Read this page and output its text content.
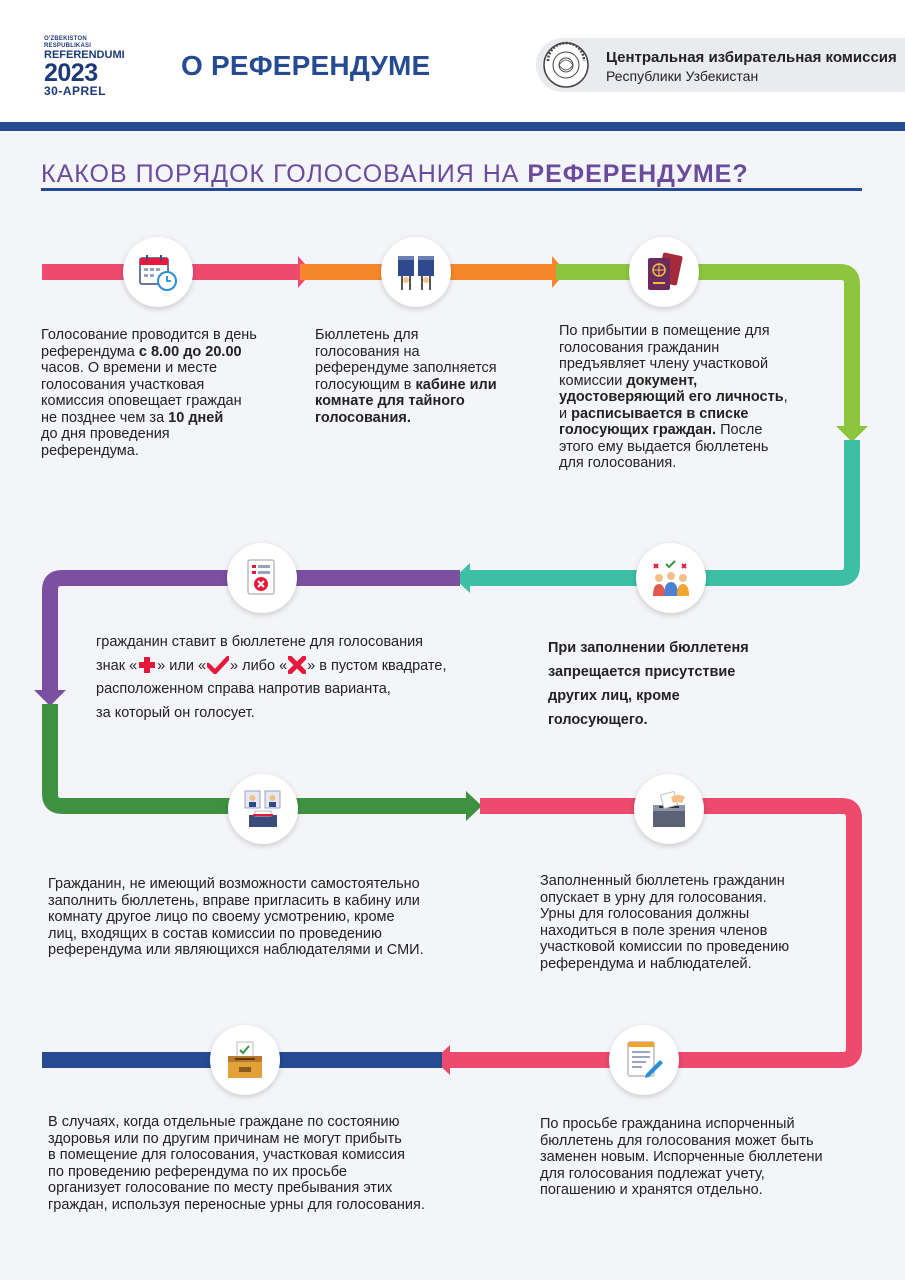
O'ZBEKISTON RESPUBLIKASI
REFERENDUMI
2023
30-APREL
О РЕФЕРЕНДУМЕ	Центральная избирательная комиссия
Республики Узбекистан
КАКОВ ПОРЯДОК ГОЛОСОВАНИЯ НА РЕФЕРЕНДУМЕ?
Голосование проводится в день
референдума с 8.00 до 20.00
часов. О времени и месте
голосования участковая
комиссия оповещает граждан
не позднее чем за 10 дней
до дня проведения
референдума.
Бюллетень для
голосования на
референдуме заполняется
голосующим в кабине или
комнате для тайного
голосования.
По прибытии в помещение для
голосования гражданин
предъявляет члену участковой
комиссии документ,
удостоверяющий его личность,
и расписывается в списке
голосующих граждан. После
этого ему выдается бюллетень
для голосования.
При заполнении бюллетеня
запрещается присутствие
других лиц, кроме
голосующего.
гражданин ставит в бюллетене для голосования
знак « » или « » либо « » в пустом квадрате,
расположенном справа напротив варианта,
за который он голосует.
Гражданин, не имеющий возможности самостоятельно
заполнить бюллетень, вправе пригласить в кабину или
комнату другое лицо по своему усмотрению, кроме
лиц, входящих в состав комиссии по проведению
референдума или являющихся наблюдателями и СМИ.
Заполненный бюллетень гражданин
опускает в урну для голосования.
Урны для голосования должны
находиться в поле зрения членов
участковой комиссии по проведению
референдума и наблюдателей.
По просьбе гражданина испорченный
бюллетень для голосования может быть
заменен новым. Испорченные бюллетени
для голосования подлежат учету,
погашению и хранятся отдельно.
В случаях, когда отдельные граждане по состоянию
здоровья или по другим причинам не могут прибыть
в помещение для голосования, участковая комиссия
по проведению референдума по их просьбе
организует голосование по месту пребывания этих
граждан, используя переносные урны для голосования.
